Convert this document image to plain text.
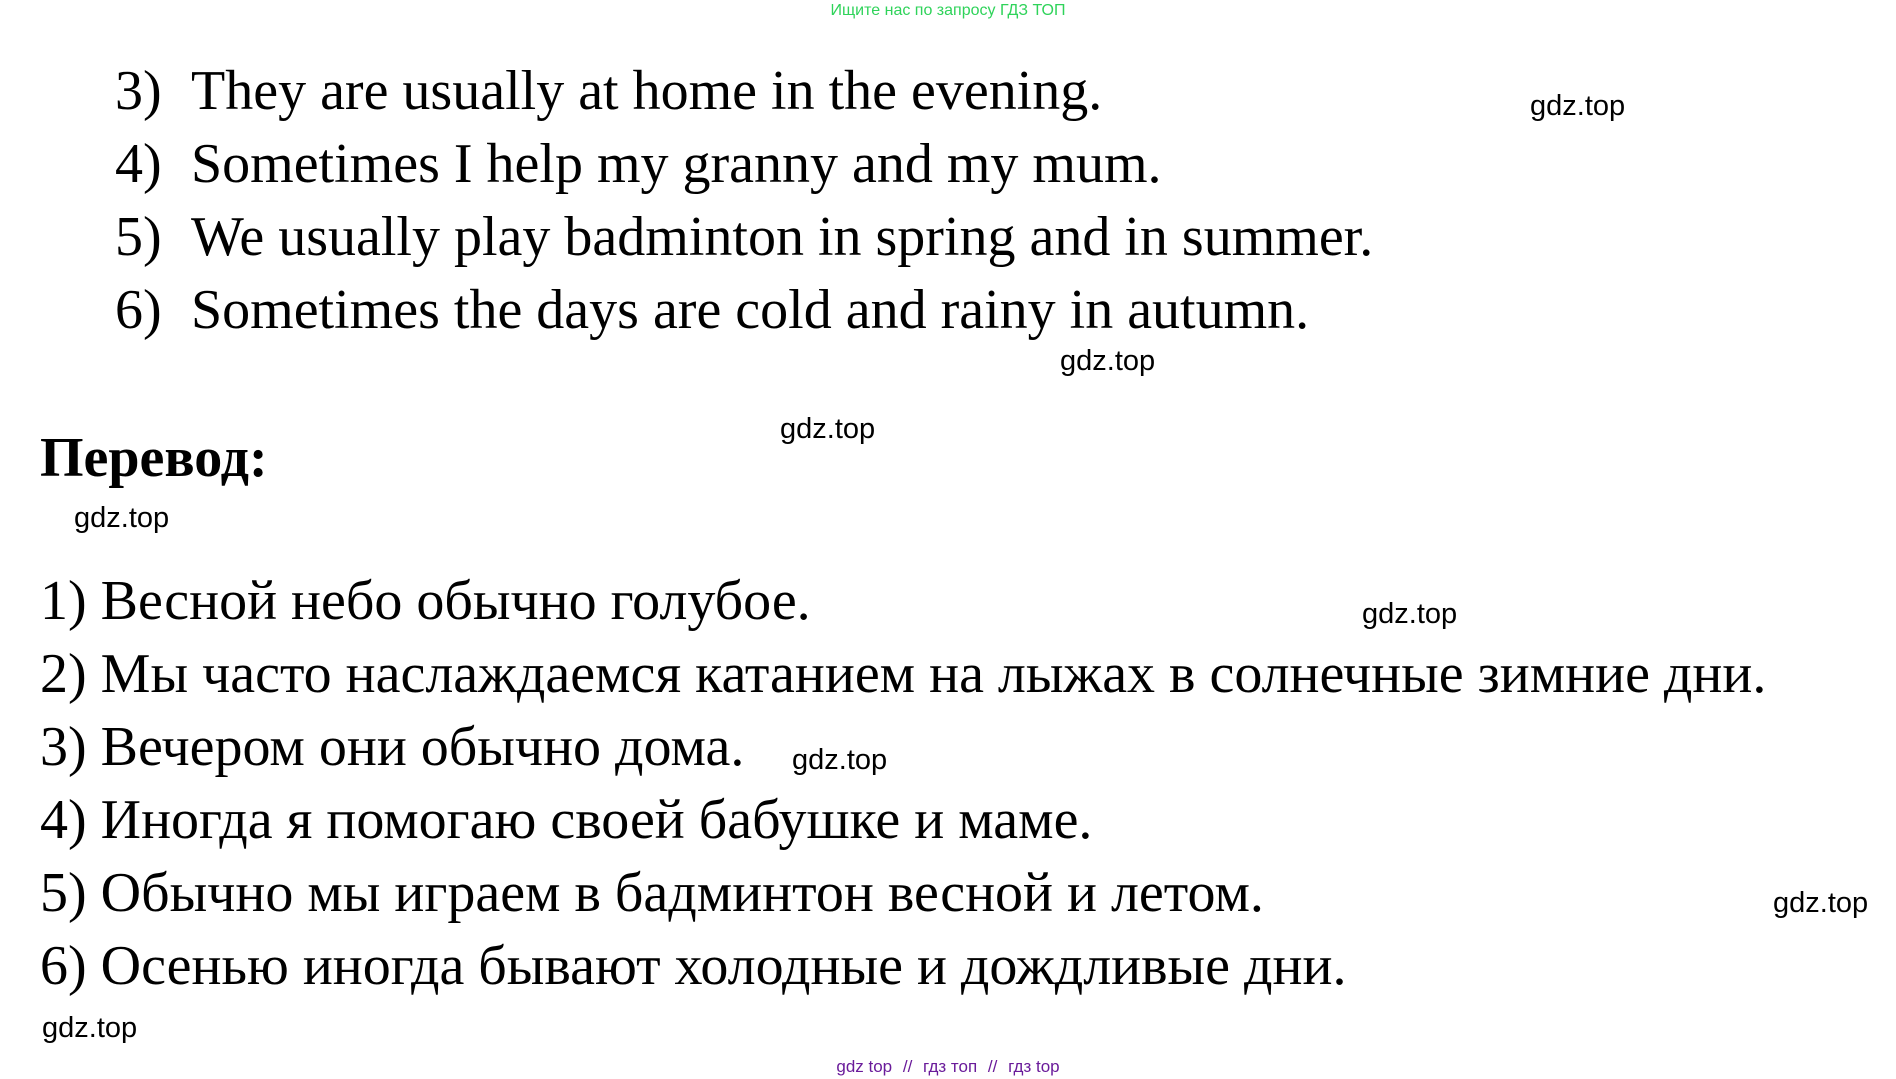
Ищите нас по запросу ГДЗ ТОП
3) They are usually at home in the evening.
4) Sometimes I help my granny and my mum.
5) We usually play badminton in spring and in summer.
6) Sometimes the days are cold and rainy in autumn.
Перевод:
1) Весной небо обычно голубое.
2) Мы часто наслаждаемся катанием на лыжах в солнечные зимние дни.
3) Вечером они обычно дома.
4) Иногда я помогаю своей бабушке и маме.
5) Обычно мы играем в бадминтон весной и летом.
6) Осенью иногда бывают холодные и дождливые дни.
gdz.top
gdz.top
gdz.top
gdz.top
gdz.top
gdz.top
gdz.top
gdz.top
gdz top // гдз топ // гдз top
